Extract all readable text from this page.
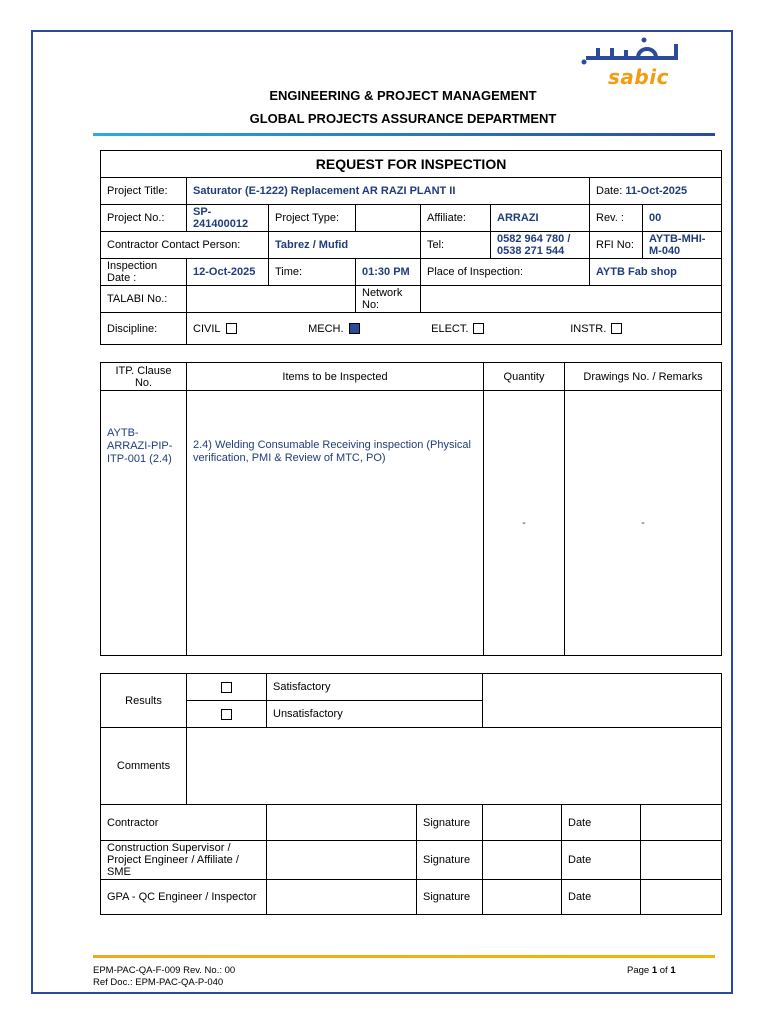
sabic
ENGINEERING & PROJECT MANAGEMENT
GLOBAL PROJECTS ASSURANCE DEPARTMENT
REQUEST FOR INSPECTION							
Project Title:	Saturator (E-1222) Replacement AR RAZI PLANT II					Date: 11-Oct-2025	
Project No.:	SP-241400012	Project Type:		Affiliate:	ARRAZI	Rev. :	00
Contractor Contact Person:		Tabrez / Mufid		Tel:	0582 964 780 / 0538 271 544	RFI No:	AYTB-MHI-M-040
Inspection Date :	12-Oct-2025	Time:	01:30 PM	Place of Inspection:		AYTB Fab shop	
TALABI No.:			Network No:				
Discipline:	CIVIL MECH. ELECT. INSTR.						
ITP. Clause No.	Items to be Inspected	Quantity	Drawings No. / Remarks
AYTB-ARRAZI-PIP-ITP-001 (2.4)	2.4) Welding Consumable Receiving inspection (Physical verification, PMI & Review of MTC, PO)	-	-
Results		Satisfactory				
		Unsatisfactory				
Comments						
Contractor			Signature		Date	
Construction Supervisor / Project Engineer / Affiliate / SME			Signature		Date	
GPA - QC Engineer / Inspector			Signature		Date	
EPM-PAC-QA-F-009 Rev. No.: 00
Ref Doc.: EPM-PAC-QA-P-040
Page 1 of 1
